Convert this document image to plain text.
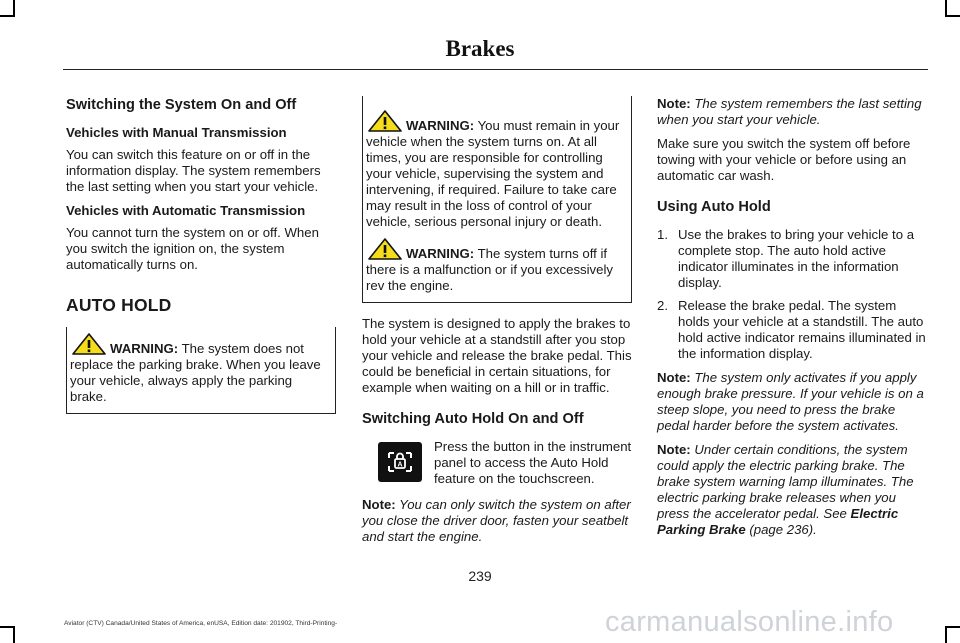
Brakes
Switching the System On and Off
Vehicles with Manual Transmission

You can switch this feature on or off in the information display. The system remembers the last setting when you start your vehicle.

Vehicles with Automatic Transmission

You cannot turn the system on or off. When you switch the ignition on, the system automatically turns on.

AUTO HOLD

WARNING: The system does not replace the parking brake. When you leave your vehicle, always apply the parking brake.

WARNING: You must remain in your vehicle when the system turns on. At all times, you are responsible for controlling your vehicle, supervising the system and intervening, if required. Failure to take care may result in the loss of control of your vehicle, serious personal injury or death.

WARNING: The system turns off if there is a malfunction or if you excessively rev the engine.

The system is designed to apply the brakes to hold your vehicle at a standstill after you stop your vehicle and release the brake pedal. This could be beneficial in certain situations, for example when waiting on a hill or in traffic.

Switching Auto Hold On and Off
A

Press the button in the instrument panel to access the Auto Hold feature on the touchscreen.

Note: You can only switch the system on after you close the driver door, fasten your seatbelt and start the engine.

Note: The system remembers the last setting when you start your vehicle.

Make sure you switch the system off before towing with your vehicle or before using an automatic car wash.

Using Auto Hold
1. Use the brakes to bring your vehicle to a complete stop. The auto hold active indicator illuminates in the information display.
2. Release the brake pedal. The system holds your vehicle at a standstill. The auto hold active indicator remains illuminated in the information display.

Note: The system only activates if you apply enough brake pressure. If your vehicle is on a steep slope, you need to press the brake pedal harder before the system activates.

Note: Under certain conditions, the system could apply the electric parking brake. The brake system warning lamp illuminates. The electric parking brake releases when you press the accelerator pedal. See Electric Parking Brake (page 236).

239
Aviator (CTV) Canada/United States of America, enUSA, Edition date: 201902, Third-Printing-	carmanualsonline.info
